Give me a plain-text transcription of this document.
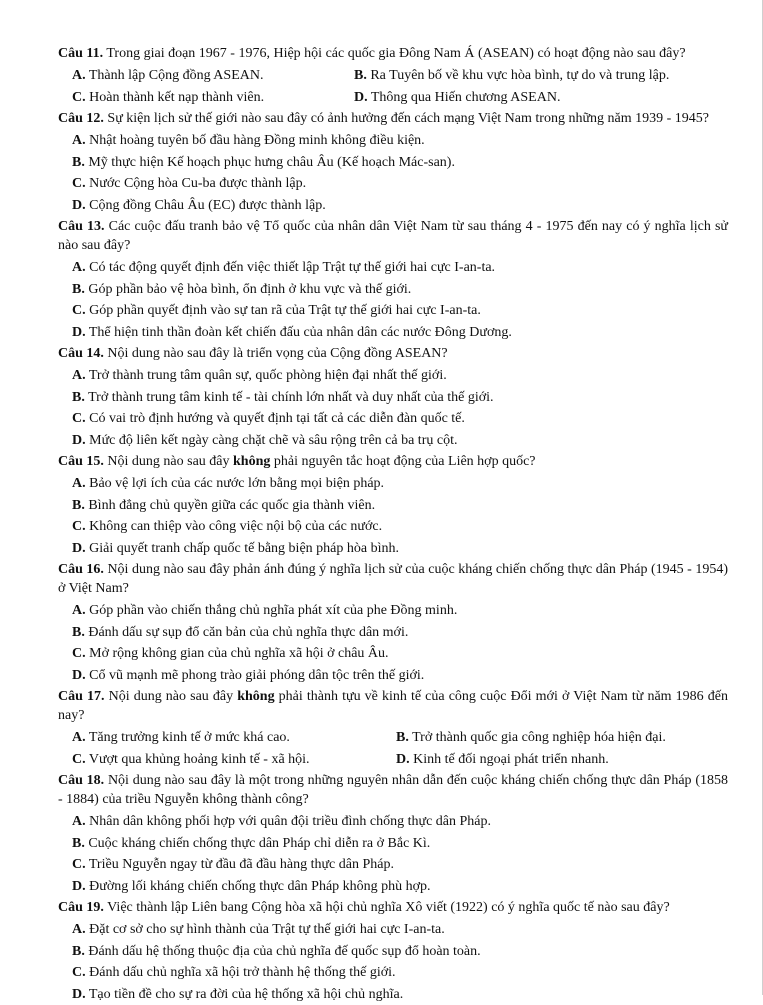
Câu 11. Trong giai đoạn 1967 - 1976, Hiệp hội các quốc gia Đông Nam Á (ASEAN) có hoạt động nào sau đây?

A. Thành lập Cộng đồng ASEAN.	B. Ra Tuyên bố về khu vực hòa bình, tự do và trung lập.
C. Hoàn thành kết nạp thành viên.	D. Thông qua Hiến chương ASEAN.

Câu 12. Sự kiện lịch sử thế giới nào sau đây có ảnh hưởng đến cách mạng Việt Nam trong những năm 1939 - 1945?

A. Nhật hoàng tuyên bố đầu hàng Đồng minh không điều kiện.
B. Mỹ thực hiện Kế hoạch phục hưng châu Âu (Kế hoạch Mác-san).
C. Nước Cộng hòa Cu-ba được thành lập.
D. Cộng đồng Châu Âu (EC) được thành lập.

Câu 13. Các cuộc đấu tranh bảo vệ Tổ quốc của nhân dân Việt Nam từ sau tháng 4 - 1975 đến nay có ý nghĩa lịch sử nào sau đây?

A. Có tác động quyết định đến việc thiết lập Trật tự thế giới hai cực I-an-ta.
B. Góp phần bảo vệ hòa bình, ổn định ở khu vực và thế giới.
C. Góp phần quyết định vào sự tan rã của Trật tự thế giới hai cực I-an-ta.
D. Thể hiện tinh thần đoàn kết chiến đấu của nhân dân các nước Đông Dương.

Câu 14. Nội dung nào sau đây là triển vọng của Cộng đồng ASEAN?

A. Trở thành trung tâm quân sự, quốc phòng hiện đại nhất thế giới.
B. Trở thành trung tâm kinh tế - tài chính lớn nhất và duy nhất của thế giới.
C. Có vai trò định hướng và quyết định tại tất cả các diễn đàn quốc tế.
D. Mức độ liên kết ngày càng chặt chẽ và sâu rộng trên cả ba trụ cột.

Câu 15. Nội dung nào sau đây không phải nguyên tắc hoạt động của Liên hợp quốc?

A. Bảo vệ lợi ích của các nước lớn bằng mọi biện pháp.
B. Bình đẳng chủ quyền giữa các quốc gia thành viên.
C. Không can thiệp vào công việc nội bộ của các nước.
D. Giải quyết tranh chấp quốc tế bằng biện pháp hòa bình.

Câu 16. Nội dung nào sau đây phản ánh đúng ý nghĩa lịch sử của cuộc kháng chiến chống thực dân Pháp (1945 - 1954) ở Việt Nam?

A. Góp phần vào chiến thắng chủ nghĩa phát xít của phe Đồng minh.
B. Đánh dấu sự sụp đổ căn bản của chủ nghĩa thực dân mới.
C. Mở rộng không gian của chủ nghĩa xã hội ở châu Âu.
D. Cổ vũ mạnh mẽ phong trào giải phóng dân tộc trên thế giới.

Câu 17. Nội dung nào sau đây không phải thành tựu về kinh tế của công cuộc Đổi mới ở Việt Nam từ năm 1986 đến nay?

A. Tăng trưởng kinh tế ở mức khá cao.	B. Trở thành quốc gia công nghiệp hóa hiện đại.
C. Vượt qua khủng hoảng kinh tế - xã hội.	D. Kinh tế đối ngoại phát triển nhanh.

Câu 18. Nội dung nào sau đây là một trong những nguyên nhân dẫn đến cuộc kháng chiến chống thực dân Pháp (1858 - 1884) của triều Nguyễn không thành công?

A. Nhân dân không phối hợp với quân đội triều đình chống thực dân Pháp.
B. Cuộc kháng chiến chống thực dân Pháp chỉ diễn ra ở Bắc Kì.
C. Triều Nguyễn ngay từ đầu đã đầu hàng thực dân Pháp.
D. Đường lối kháng chiến chống thực dân Pháp không phù hợp.

Câu 19. Việc thành lập Liên bang Cộng hòa xã hội chủ nghĩa Xô viết (1922) có ý nghĩa quốc tế nào sau đây?

A. Đặt cơ sở cho sự hình thành của Trật tự thế giới hai cực I-an-ta.
B. Đánh dấu hệ thống thuộc địa của chủ nghĩa đế quốc sụp đổ hoàn toàn.
C. Đánh dấu chủ nghĩa xã hội trở thành hệ thống thế giới.
D. Tạo tiền đề cho sự ra đời của hệ thống xã hội chủ nghĩa.
